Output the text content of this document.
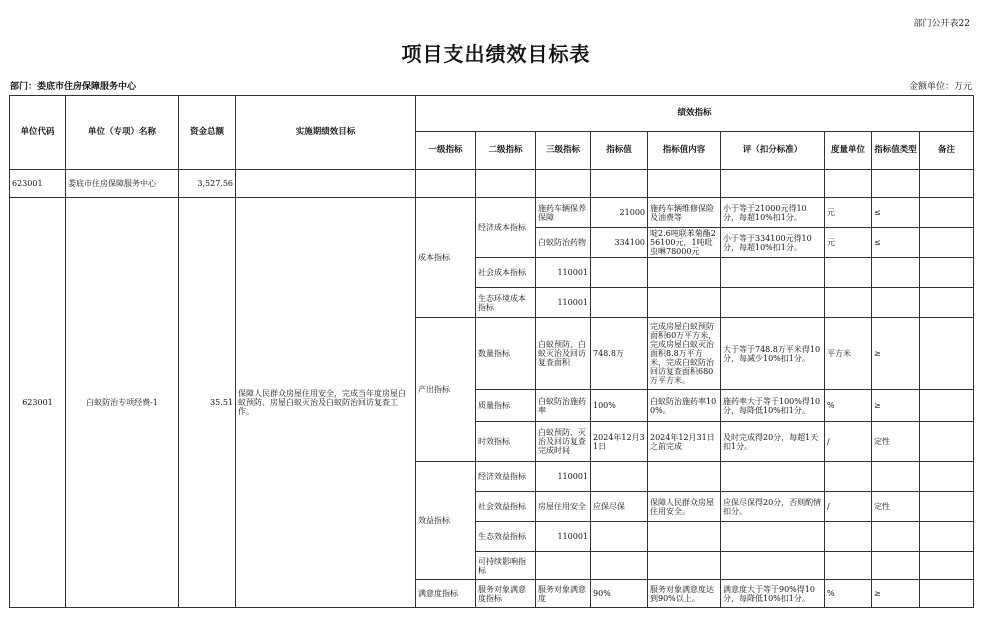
部门公开表22
项目支出绩效目标表
部门：娄底市住房保障服务中心	金额单位：万元
单位代码	单位（专项）名称	资金总额	实施期绩效目标	绩效指标								
				一级指标	二级指标	三级指标	指标值	指标值内容	评（扣分标准）	度量单位	指标值类型	备注
623001	娄底市住房保障服务中心	3,527.56										
623001	白蚁防治专项经费-1	35.51	保障人民群众房屋住用安全，完成当年度房屋白蚁预防、房屋白蚁灭治及白蚁防治回访复查工作。	成本指标	经济成本指标	施药车辆保养保障	21000	施药车辆维修保险及油费等	小于等于21000元得10分，每超10%扣1分。	元	≤	
						白蚁防治药物	334100	啶2.6吨联苯菊酯256100元，1吨吡虫啉78000元	小于等于334100元得10分，每超10%扣1分。	元	≤	
					社会成本指标	110001						
					生态环境成本指标	110001						
				产出指标	数量指标	白蚁预防、白蚁灭治及回访复查面积	748.8万	完成房屋白蚁预防面积60万平方米，完成房屋白蚁灭治面积8.8万平方米，完成白蚁防治回访复查面积680万平方米。	大于等于748.8万平米得10分，每减少10%扣1分。	平方米	≥	
					质量指标	白蚁防治施药率	100%	白蚁防治施药率100%。	施药率大于等于100%得10分，每降低10%扣1分。	%	≥	
					时效指标	白蚁预防、灭治及回访复查完成时间	2024年12月31日	2024年12月31日之前完成	及时完成得20分，每超1天扣1分。	/	定性	
				效益指标	经济效益指标	110001						
					社会效益指标	房屋住用安全	应保尽保	保障人民群众房屋住用安全。	应保尽保得20分，否则酌情扣分。	/	定性	
					生态效益指标	110001						
					可持续影响指标							
				满意度指标	服务对象满意度指标	服务对象满意度	90%	服务对象满意度达到90%以上。	满意度大于等于90%得10分，每降低10%扣1分。	%	≥	
